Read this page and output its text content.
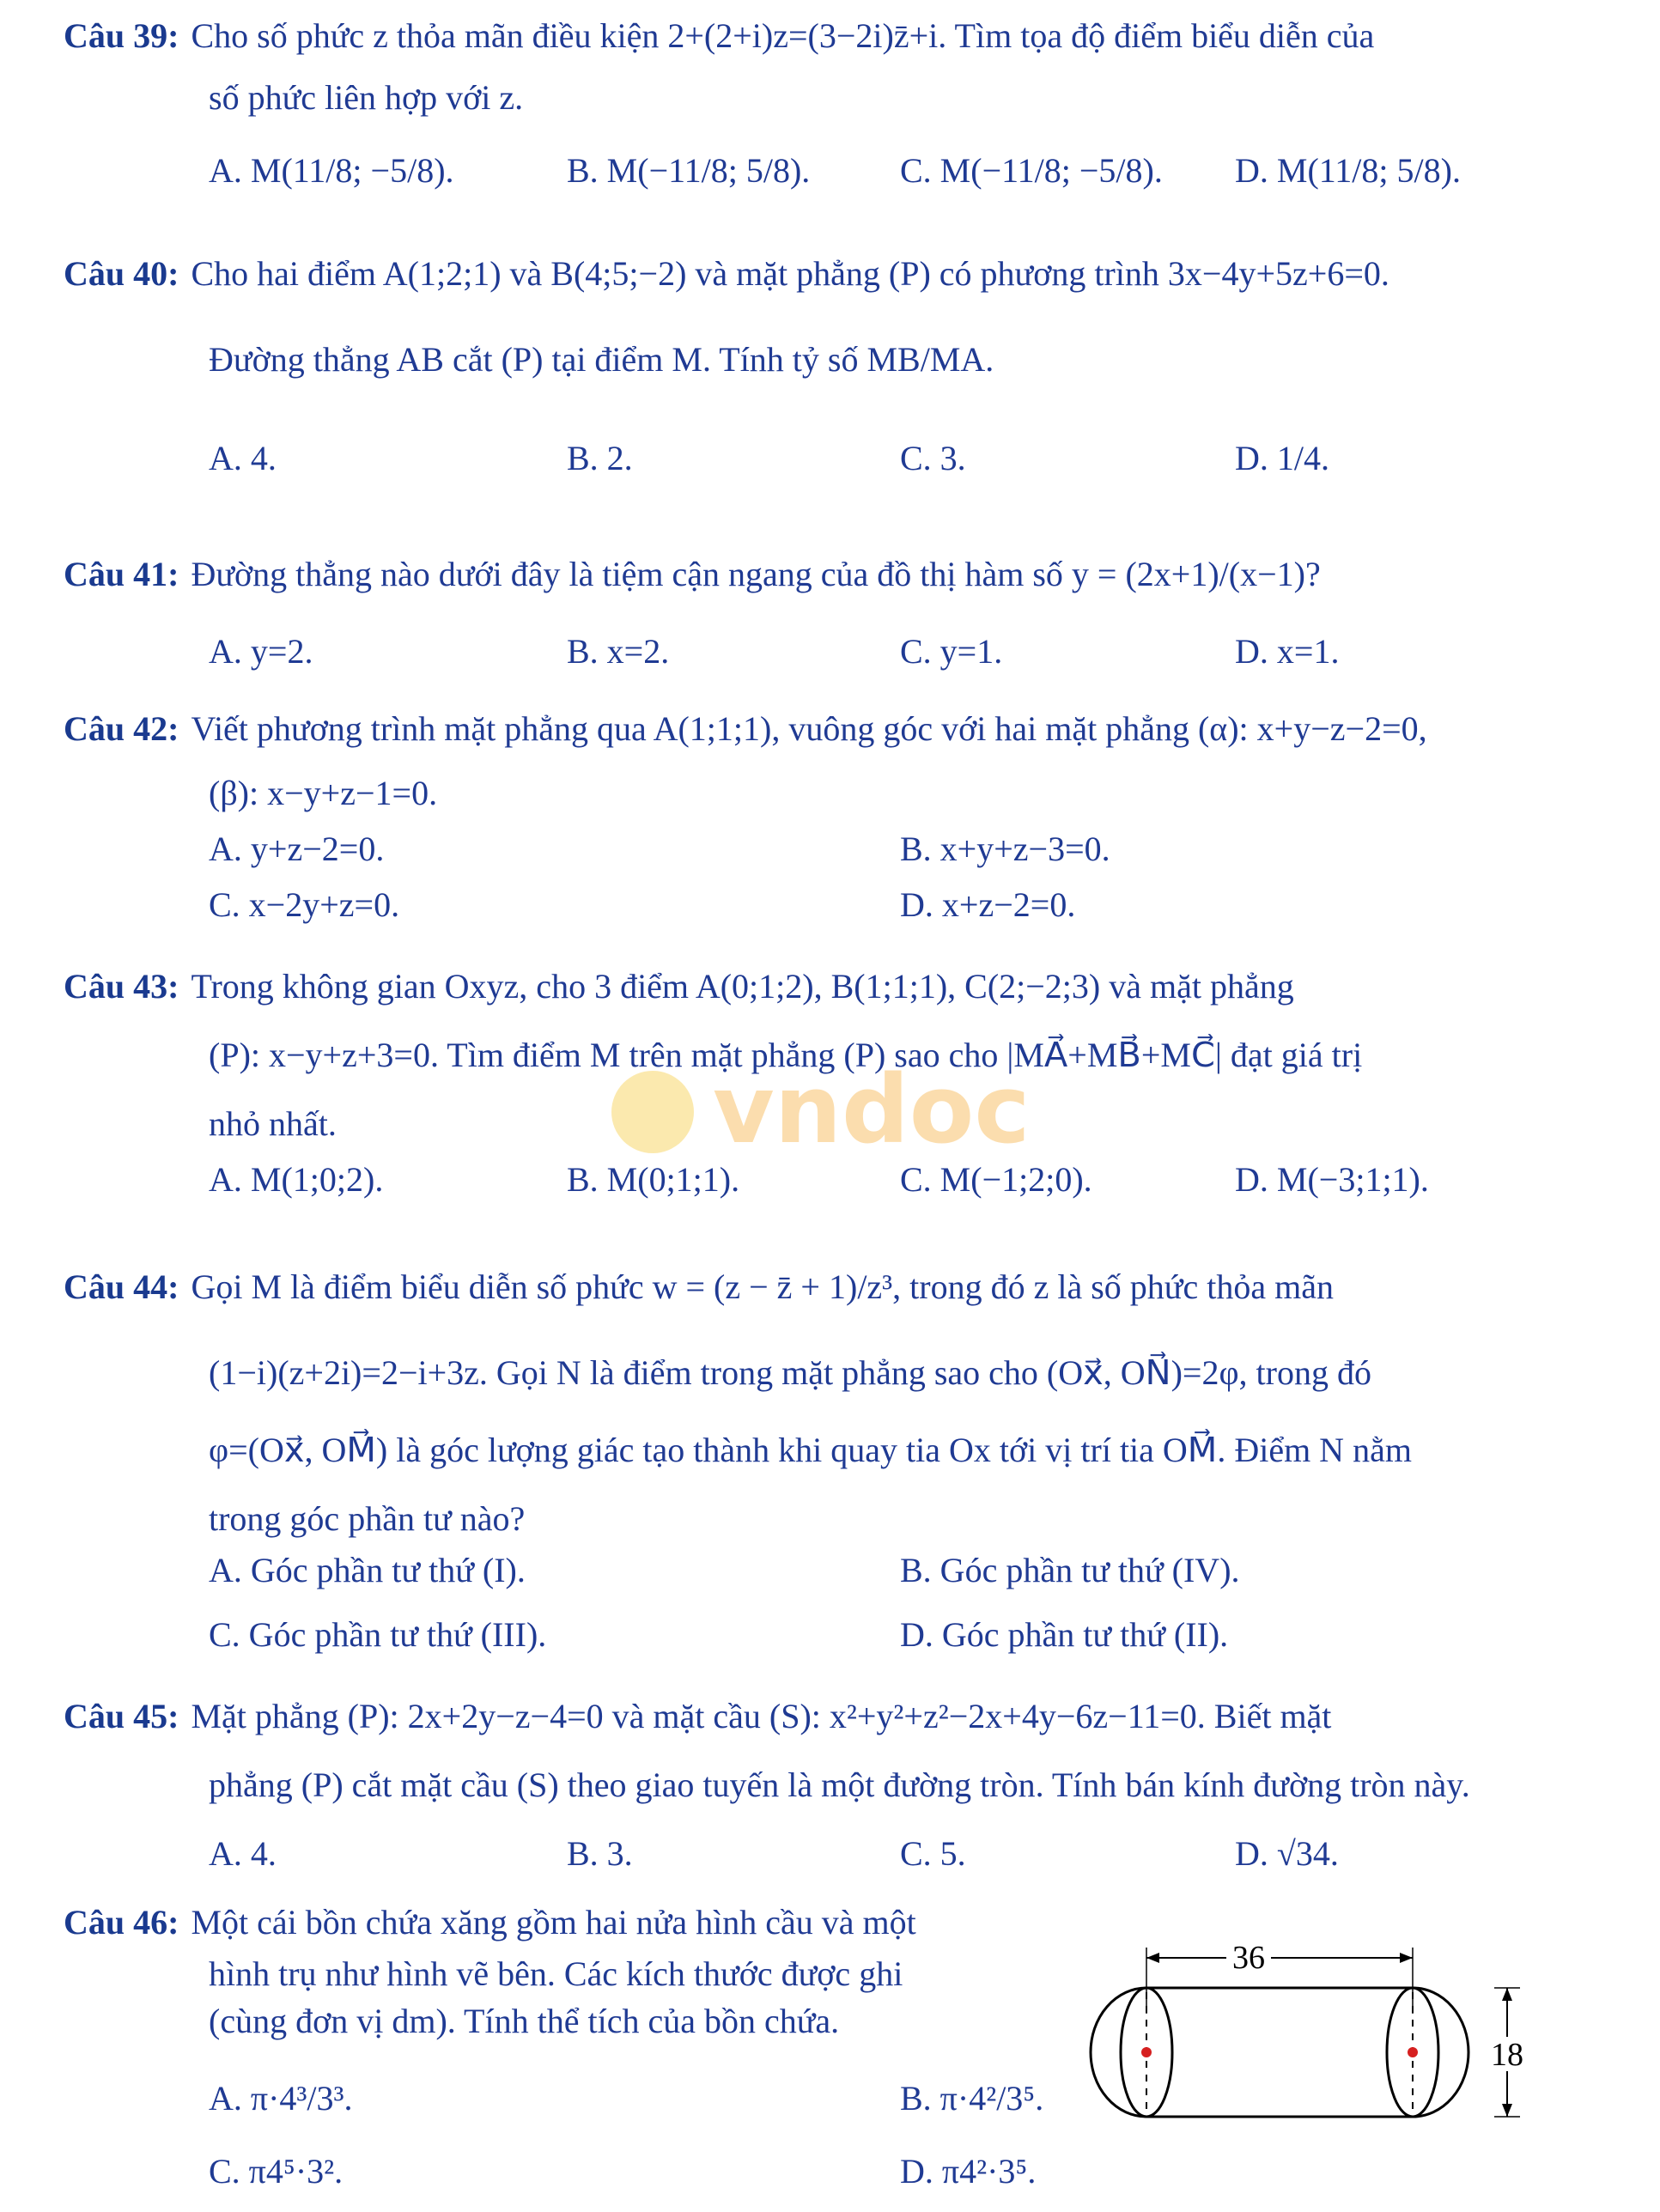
Câu 39: Cho số phức z thỏa mãn điều kiện 2+(2+i)z=(3−2i)z̄+i. Tìm tọa độ điểm biểu diễn của
số phức liên hợp với z.
A. M(11/8; −5/8).	B. M(−11/8; 5/8).	C. M(−11/8; −5/8). D. M(11/8; 5/8).
Câu 40: Cho hai điểm A(1;2;1) và B(4;5;−2) và mặt phẳng (P) có phương trình 3x−4y+5z+6=0.
Đường thẳng AB cắt (P) tại điểm M. Tính tỷ số MB/MA.
A. 4.	B. 2.	C. 3.	D. 1/4.
Câu 41: Đường thẳng nào dưới đây là tiệm cận ngang của đồ thị hàm số y = (2x+1)/(x−1)?
A. y=2.	B. x=2.	C. y=1.	D. x=1.
Câu 42: Viết phương trình mặt phẳng qua A(1;1;1), vuông góc với hai mặt phẳng (α): x+y−z−2=0,
(β): x−y+z−1=0.
A. y+z−2=0.	B. x+y+z−3=0.
C. x−2y+z=0.	D. x+z−2=0.
vndoc
Câu 43: Trong không gian Oxyz, cho 3 điểm A(0;1;2), B(1;1;1), C(2;−2;3) và mặt phẳng
(P): x−y+z+3=0. Tìm điểm M trên mặt phẳng (P) sao cho |MA⃗+MB⃗+MC⃗| đạt giá trị
nhỏ nhất.
A. M(1;0;2).	B. M(0;1;1).	C. M(−1;2;0).	D. M(−3;1;1).
Câu 44: Gọi M là điểm biểu diễn số phức w = (z − z̄ + 1)/z³, trong đó z là số phức thỏa mãn
(1−i)(z+2i)=2−i+3z. Gọi N là điểm trong mặt phẳng sao cho (Ox⃗, ON⃗)=2φ, trong đó
φ=(Ox⃗, OM⃗) là góc lượng giác tạo thành khi quay tia Ox tới vị trí tia OM⃗. Điểm N nằm
trong góc phần tư nào?
A. Góc phần tư thứ (I).	B. Góc phần tư thứ (IV).
C. Góc phần tư thứ (III).	D. Góc phần tư thứ (II).
Câu 45: Mặt phẳng (P): 2x+2y−z−4=0 và mặt cầu (S): x²+y²+z²−2x+4y−6z−11=0. Biết mặt
phẳng (P) cắt mặt cầu (S) theo giao tuyến là một đường tròn. Tính bán kính đường tròn này.
A. 4.	B. 3.	C. 5.	D. √34.
Câu 46: Một cái bồn chứa xăng gồm hai nửa hình cầu và một
hình trụ như hình vẽ bên. Các kích thước được ghi
(cùng đơn vị dm). Tính thể tích của bồn chứa.
A. π·4³/3³.	B. π·4²/3⁵.
C. π4⁵·3².	D. π4²·3⁵.
36
18
